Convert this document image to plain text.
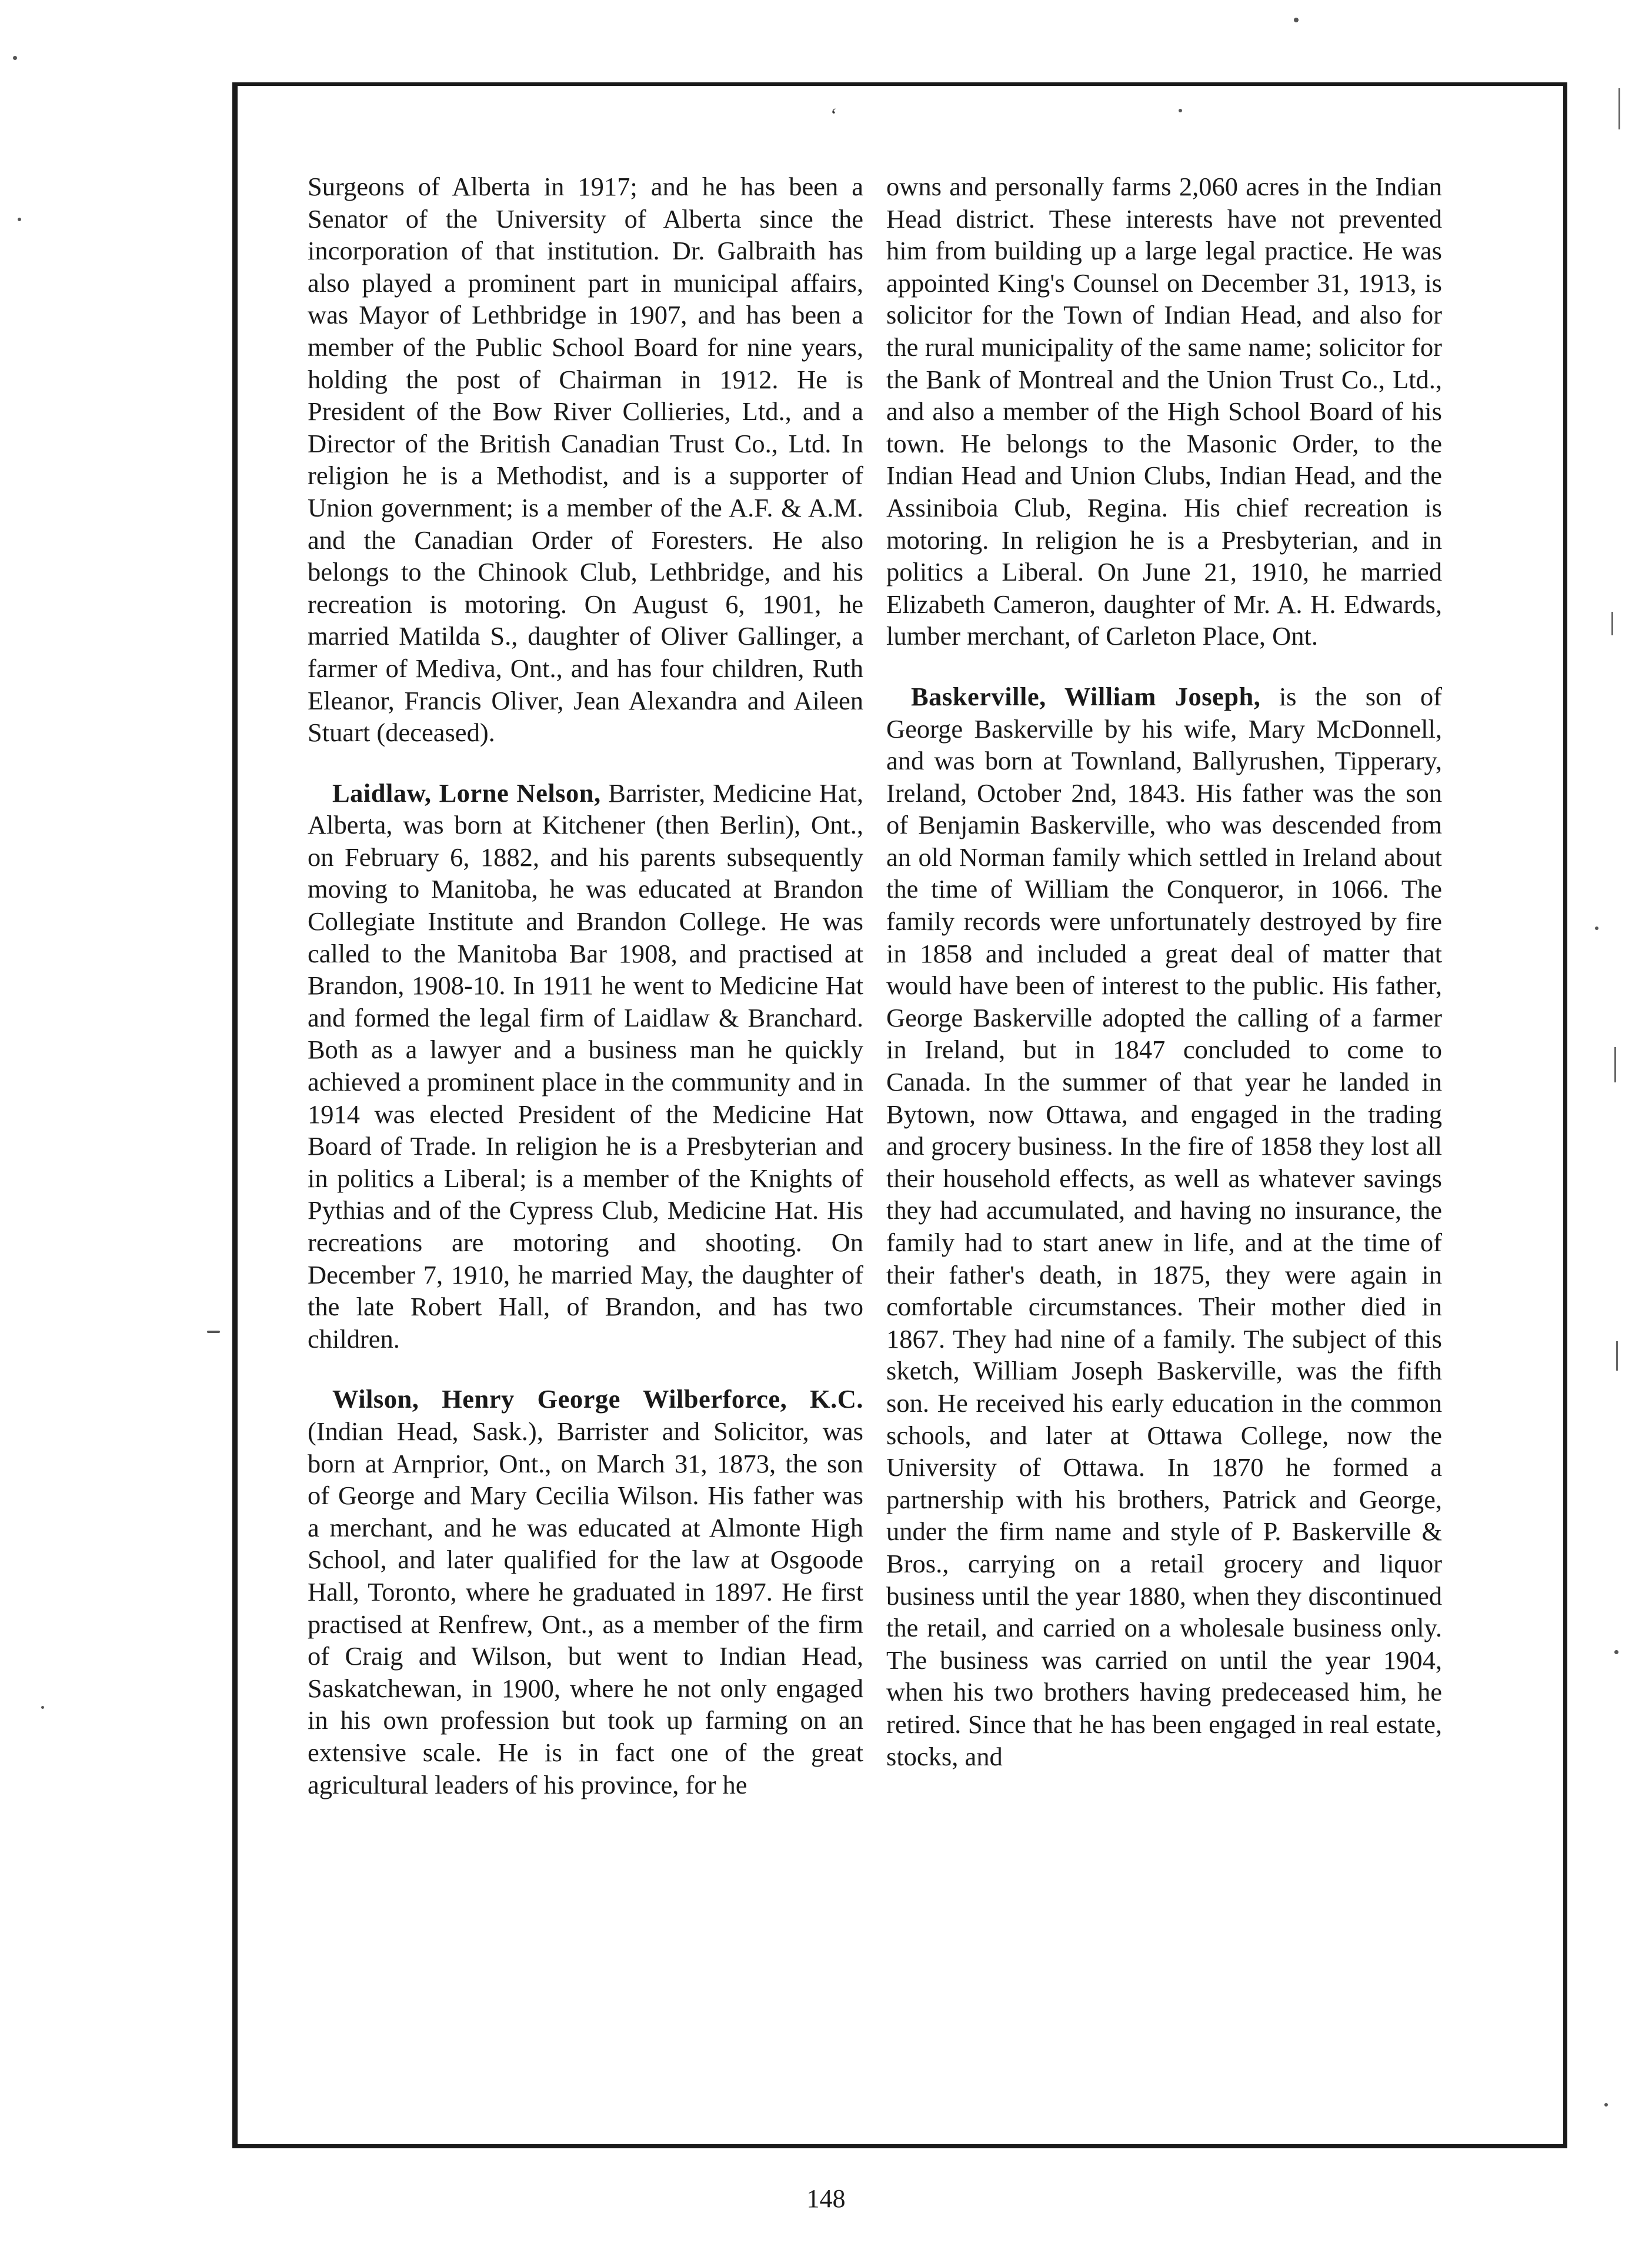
‘

Surgeons of Alberta in 1917; and he has been a Senator of the University of Alberta since the incorporation of that institution. Dr. Galbraith has also played a prominent part in municipal affairs, was Mayor of Lethbridge in 1907, and has been a member of the Public School Board for nine years, holding the post of Chairman in 1912. He is President of the Bow River Collieries, Ltd., and a Director of the British Canadian Trust Co., Ltd. In religion he is a Methodist, and is a supporter of Union government; is a member of the A.F. & A.M. and the Canadian Order of Foresters. He also belongs to the Chinook Club, Lethbridge, and his recreation is motoring. On August 6, 1901, he married Matilda S., daughter of Oliver Gallinger, a farmer of Mediva, Ont., and has four children, Ruth Eleanor, Francis Oliver, Jean Alexandra and Aileen Stuart (deceased).

Laidlaw, Lorne Nelson, Barrister, Medicine Hat, Alberta, was born at Kitchener (then Berlin), Ont., on February 6, 1882, and his parents subsequently moving to Manitoba, he was educated at Brandon Collegiate Institute and Brandon College. He was called to the Manitoba Bar 1908, and practised at Brandon, 1908-10. In 1911 he went to Medicine Hat and formed the legal firm of Laidlaw & Branchard. Both as a lawyer and a business man he quickly achieved a prominent place in the community and in 1914 was elected President of the Medicine Hat Board of Trade. In religion he is a Presbyterian and in politics a Liberal; is a member of the Knights of Pythias and of the Cypress Club, Medicine Hat. His recreations are motoring and shooting. On December 7, 1910, he married May, the daughter of the late Robert Hall, of Brandon, and has two children.

Wilson, Henry George Wilberforce, K.C. (Indian Head, Sask.), Barrister and Solicitor, was born at Arnprior, Ont., on March 31, 1873, the son of George and Mary Cecilia Wilson. His father was a merchant, and he was educated at Almonte High School, and later qualified for the law at Osgoode Hall, Toronto, where he graduated in 1897. He first practised at Renfrew, Ont., as a member of the firm of Craig and Wilson, but went to Indian Head, Saskatchewan, in 1900, where he not only engaged in his own profession but took up farming on an extensive scale. He is in fact one of the great agricultural leaders of his province, for he

owns and personally farms 2,060 acres in the Indian Head district. These interests have not prevented him from building up a large legal practice. He was appointed King's Counsel on December 31, 1913, is solicitor for the Town of Indian Head, and also for the rural municipality of the same name; solicitor for the Bank of Montreal and the Union Trust Co., Ltd., and also a member of the High School Board of his town. He belongs to the Masonic Order, to the Indian Head and Union Clubs, Indian Head, and the Assiniboia Club, Regina. His chief recreation is motoring. In religion he is a Presbyterian, and in politics a Liberal. On June 21, 1910, he married Elizabeth Cameron, daughter of Mr. A. H. Edwards, lumber merchant, of Carleton Place, Ont.

Baskerville, William Joseph, is the son of George Baskerville by his wife, Mary McDonnell, and was born at Townland, Ballyrushen, Tipperary, Ireland, October 2nd, 1843. His father was the son of Benjamin Baskerville, who was descended from an old Norman family which settled in Ireland about the time of William the Conqueror, in 1066. The family records were unfortunately destroyed by fire in 1858 and included a great deal of matter that would have been of interest to the public. His father, George Baskerville adopted the calling of a farmer in Ireland, but in 1847 concluded to come to Canada. In the summer of that year he landed in Bytown, now Ottawa, and engaged in the trading and grocery business. In the fire of 1858 they lost all their household effects, as well as whatever savings they had accumulated, and having no insurance, the family had to start anew in life, and at the time of their father's death, in 1875, they were again in comfortable circumstances. Their mother died in 1867. They had nine of a family. The subject of this sketch, William Joseph Baskerville, was the fifth son. He received his early education in the common schools, and later at Ottawa College, now the University of Ottawa. In 1870 he formed a partnership with his brothers, Patrick and George, under the firm name and style of P. Baskerville & Bros., carrying on a retail grocery and liquor business until the year 1880, when they discontinued the retail, and carried on a wholesale business only. The business was carried on until the year 1904, when his two brothers having predeceased him, he retired. Since that he has been engaged in real estate, stocks, and

148
